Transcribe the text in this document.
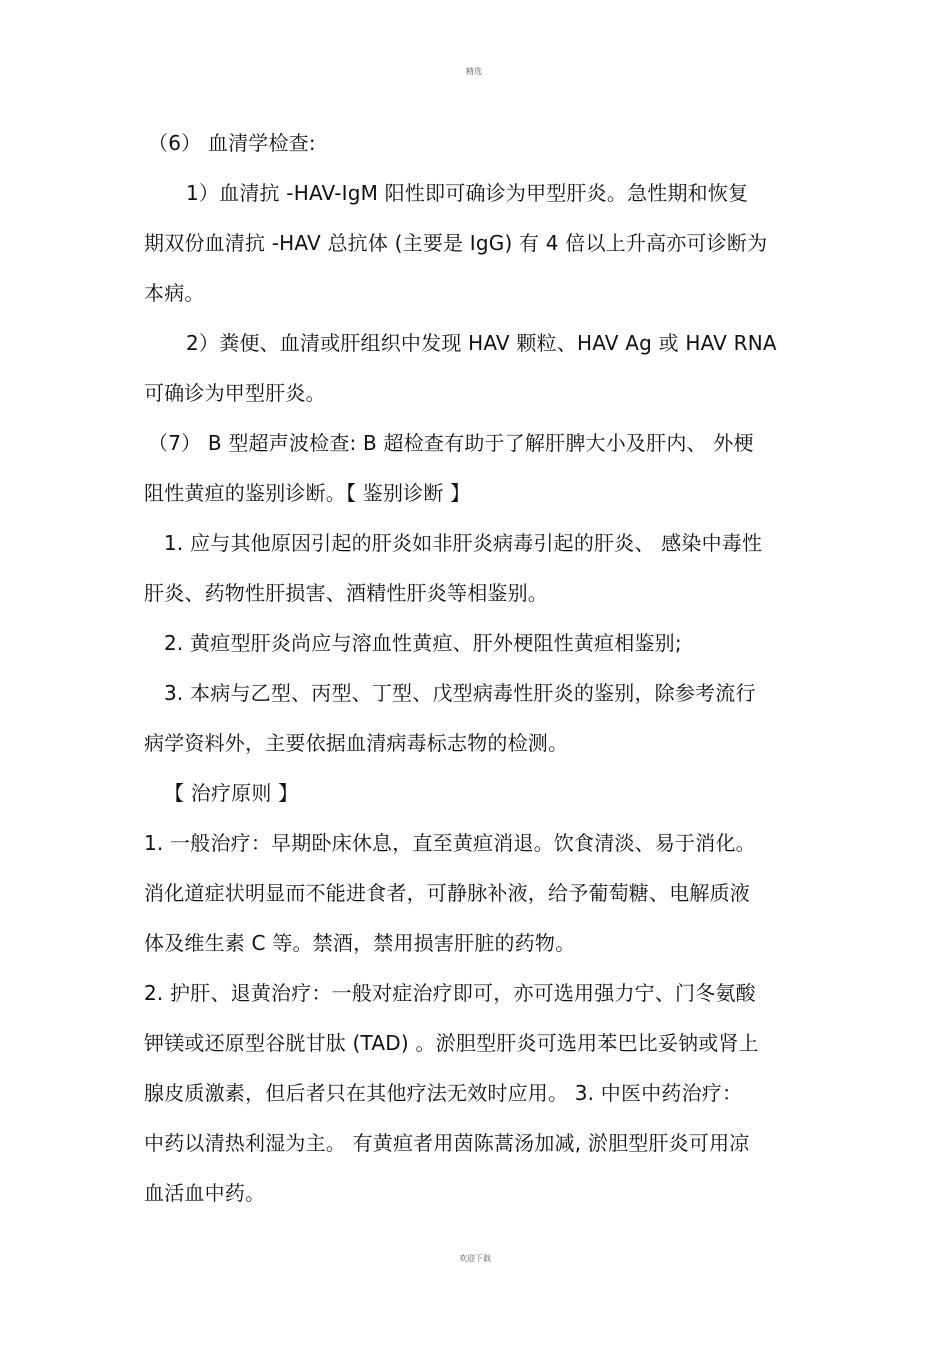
精选
（6） 血清学检查:
1）血清抗 -HAV-IgM 阳性即可确诊为甲型肝炎。急性期和恢复
期双份血清抗 -HAV 总抗体 (主要是 IgG) 有 4 倍以上升高亦可诊断为
本病。
2）粪便、血清或肝组织中发现 HAV 颗粒、HAV Ag 或 HAV RNA
可确诊为甲型肝炎。
（7） B 型超声波检查: B 超检查有助于了解肝脾大小及肝内、 外梗
阻性黄疸的鉴别诊断。【 鉴别诊断 】
1. 应与其他原因引起的肝炎如非肝炎病毒引起的肝炎、 感染中毒性
肝炎、药物性肝损害、酒精性肝炎等相鉴别。
2. 黄疸型肝炎尚应与溶血性黄疸、肝外梗阻性黄疸相鉴别;
3. 本病与乙型、丙型、丁型、戊型病毒性肝炎的鉴别，除参考流行
病学资料外，主要依据血清病毒标志物的检测。
【 治疗原则 】
1. 一般治疗：早期卧床休息，直至黄疸消退。饮食清淡、易于消化。
消化道症状明显而不能进食者，可静脉补液，给予葡萄糖、电解质液
体及维生素 C 等。禁酒，禁用损害肝脏的药物。
2. 护肝、退黄治疗：一般对症治疗即可，亦可选用强力宁、门冬氨酸
钾镁或还原型谷胱甘肽 (TAD) 。淤胆型肝炎可选用苯巴比妥钠或肾上
腺皮质激素，但后者只在其他疗法无效时应用。 3. 中医中药治疗：
中药以清热利湿为主。 有黄疸者用茵陈蒿汤加减, 淤胆型肝炎可用凉
血活血中药。
欢迎下载
